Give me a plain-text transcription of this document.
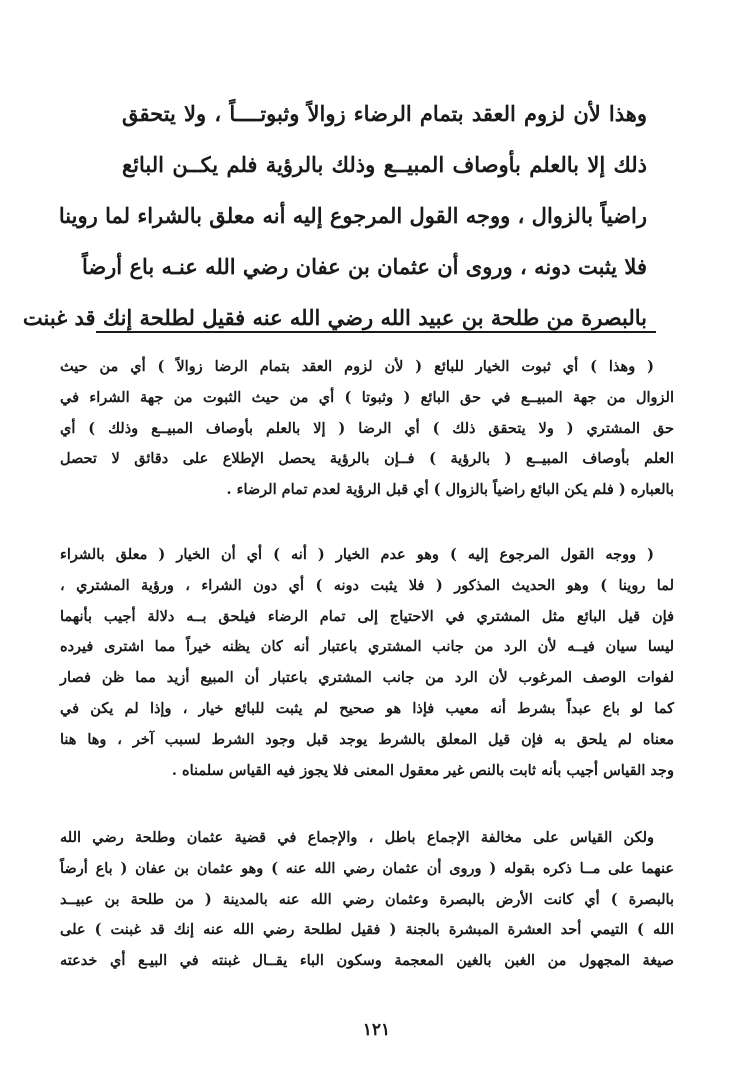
وهذا لأن لزوم العقد بتمام الرضاء زوالاً وثبوتــــاً ، ولا يتحقق
ذلك إلا بالعلم بأوصاف المبيــع وذلك بالرؤية فلم يكــن البائع
راضياً بالزوال ، ووجه القول المرجوع إليه أنه معلق بالشراء لما روينا
فلا يثبت دونه ، وروى أن عثمان بن عفان رضي الله عنـه باع أرضاً
بالبصرة من طلحة بن عبيد الله رضي الله عنه فقيل لطلحة إنك قد غبنت
( وهذا ) أي ثبوت الخيار للبائع ( لأن لزوم العقد بتمام الرضا زوالاً ) أي من حيث
الزوال من جهة المبيــع في حق البائع ( وثبوتا ) أي من حيث الثبوت من جهة الشراء في
حق المشتري ( ولا يتحقق ذلك ) أي الرضا ( إلا بالعلم بأوصاف المبيــع وذلك ) أي
العلم بأوصاف المبيــع ( بالرؤية ) فــإن بالرؤية يحصل الإطلاع على دقائق لا تحصل
بالعباره ( فلم يكن البائع راضياً بالزوال ) أي قبل الرؤية لعدم تمام الرضاء .
( ووجه القول المرجوع إليه ) وهو عدم الخيار ( أنه ) أي أن الخيار ( معلق بالشراء
لما روينا ) وهو الحديث المذكور ( فلا يثبت دونه ) أي دون الشراء ، ورؤية المشتري ،
فإن قيل البائع مثل المشتري في الاحتياج إلى تمام الرضاء فيلحق بــه دلالة أجيب بأنهما
ليسا سيان فيــه لأن الرد من جانب المشتري باعتبار أنه كان يظنه خيراً مما اشترى فيرده
لفوات الوصف المرغوب لأن الرد من جانب المشتري باعتبار أن المبيع أزيد مما ظن فصار
كما لو باع عبداً بشرط أنه معيب فإذا هو صحيح لم يثبت للبائع خيار ، وإذا لم يكن في
معناه لم يلحق به فإن قيل المعلق بالشرط يوجد قبل وجود الشرط لسبب آخر ، وها هنا
وجد القياس أجيب بأنه ثابت بالنص غير معقول المعنى فلا يجوز فيه القياس سلمناه .
ولكن القياس على مخالفة الإجماع باطل ، والإجماع في قضية عثمان وطلحة رضي الله
عنهما على مــا ذكره بقوله ( وروى أن عثمان رضي الله عنه ) وهو عثمان بن عفان ( باع أرضاً
بالبصرة ) أي كانت الأرض بالبصرة وعثمان رضي الله عنه بالمدينة ( من طلحة بن عبيــد
الله ) التيمي أحد العشرة المبشرة بالجنة ( فقيل لطلحة رضي الله عنه إنك قد غبنت ) على
صيغة المجهول من الغبن بالغين المعجمة وسكون الباء يقــال غبنته في البيـع أي خدعته
١٢١
